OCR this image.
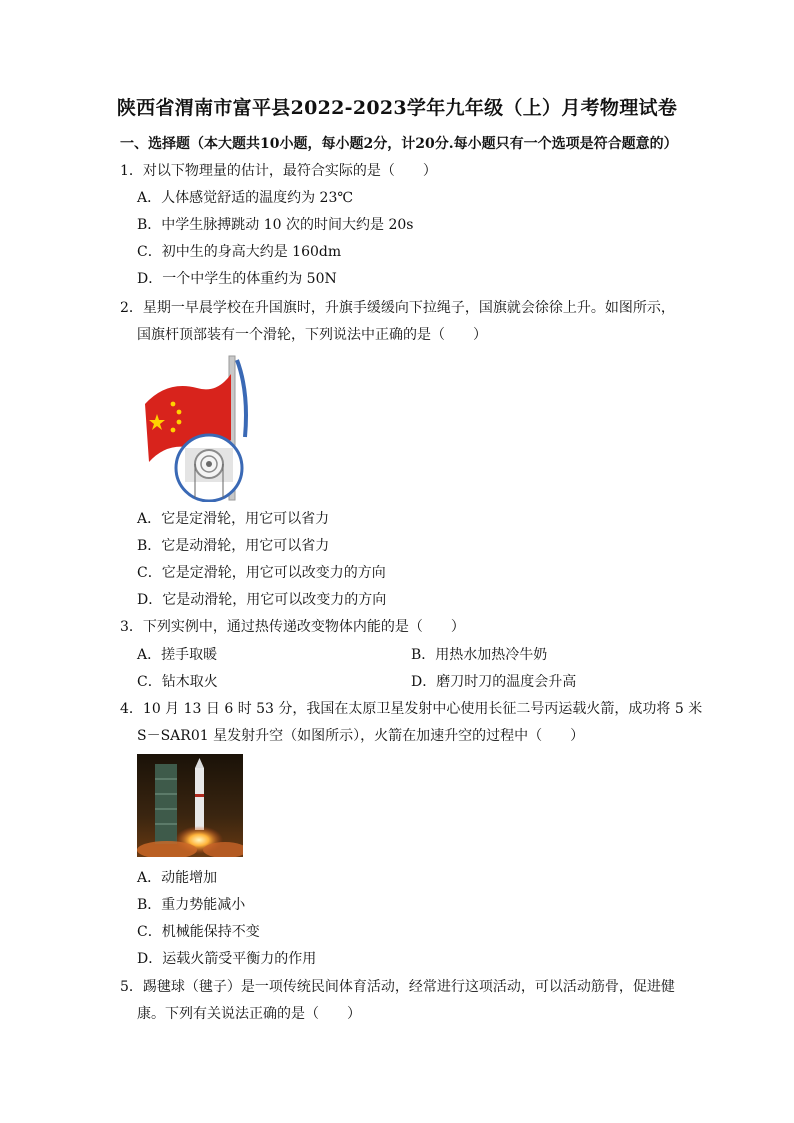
陕西省渭南市富平县2022-2023学年九年级（上）月考物理试卷
一、选择题（本大题共10小题，每小题2分，计20分.每小题只有一个选项是符合题意的）
1．对以下物理量的估计，最符合实际的是（　　）
A．人体感觉舒适的温度约为 23℃
B．中学生脉搏跳动 10 次的时间大约是 20s
C．初中生的身高大约是 160dm
D．一个中学生的体重约为 50N
2．星期一早晨学校在升国旗时，升旗手缓缓向下拉绳子，国旗就会徐徐上升。如图所示，
国旗杆顶部装有一个滑轮，下列说法中正确的是（　　）
A．它是定滑轮，用它可以省力
B．它是动滑轮，用它可以省力
C．它是定滑轮，用它可以改变力的方向
D．它是动滑轮，用它可以改变力的方向
3．下列实例中，通过热传递改变物体内能的是（　　）
A．搓手取暖	B．用热水加热冷牛奶
C．钻木取火	D．磨刀时刀的温度会升高
4．10 月 13 日 6 时 53 分，我国在太原卫星发射中心使用长征二号丙运载火箭，成功将 5 米
S－SAR01 星发射升空（如图所示），火箭在加速升空的过程中（　　）
A．动能增加
B．重力势能减小
C．机械能保持不变
D．运载火箭受平衡力的作用
5．踢毽球（毽子）是一项传统民间体育活动，经常进行这项活动，可以活动筋骨，促进健
康。下列有关说法正确的是（　　）
